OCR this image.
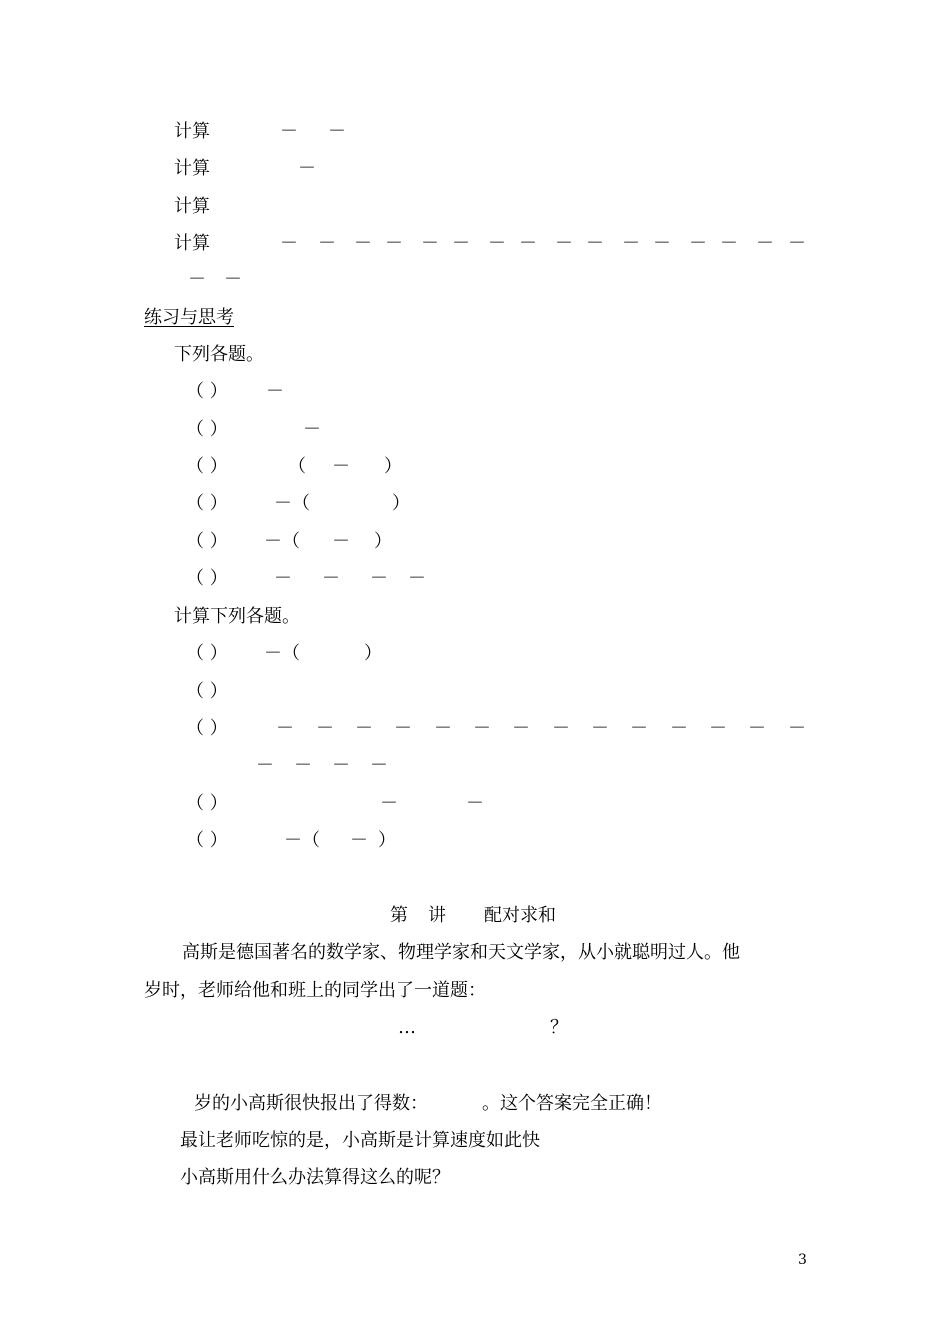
计算	－ －
计算	－
计算
计算	－ －　－ －　－ －　－ －　－ －　－ －　－ －　－ －
－　－
练习与思考
下列各题。
（ ） －
（ ）	－
（ ）	（ － ）
（ ）	－（	）
（ ） －（ － ）
（ ）	－ － － －
计算下列各题。
（ ） －（	）
（ ）
（ ）	－ － － － － － － － － － － － － －
－ － － －
（ ）	－	－
（ ）	－（ － ）
第 讲 配对求和
高斯是德国著名的数学家、物理学家和天文学家，从小就聪明过人。他
岁时，老师给他和班上的同学出了一道题：
…	？
岁的小高斯很快报出了得数：	。这个答案完全正确！
最让老师吃惊的是，小高斯是计算速度如此快
小高斯用什么办法算得这么的呢？
3
